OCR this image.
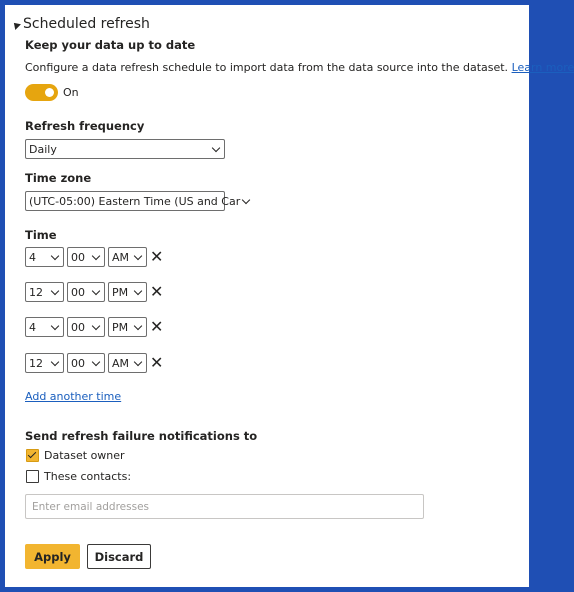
Scheduled refresh
Keep your data up to date
Configure a data refresh schedule to import data from the data source into the dataset. Learn more
On
Refresh frequency
Daily
Time zone
(UTC-05:00) Eastern Time (US and Car
Time
4	00	AM ✕
12	00	PM ✕
4	00	PM ✕
12	00	AM ✕
Add another time
Send refresh failure notifications to
Dataset owner
These contacts:
Enter email addresses
Apply	Discard
